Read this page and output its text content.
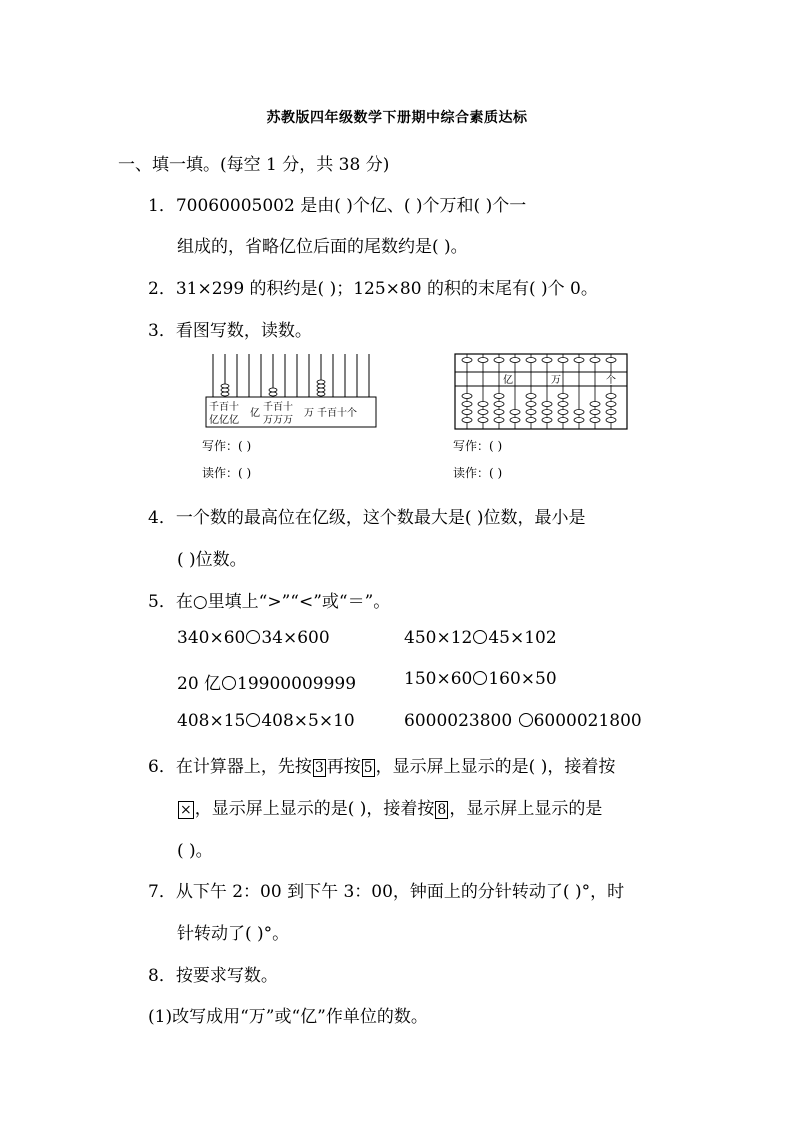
苏教版四年级数学下册期中综合素质达标
一、填一填。(每空 1 分，共 38 分)
1．70060005002 是由( )个亿、( )个万和( )个一
组成的，省略亿位后面的尾数约是( )。
2．31×299 的积约是( )；125×80 的积的末尾有( )个 0。
3．看图写数，读数。
千百十
亿亿亿
亿
千百十
万万万
万 千百十个
写作：( )
读作：( )
亿	万	个
写作：( )
读作：( )
4．一个数的最高位在亿级，这个数最大是( )位数，最小是
( )位数。
5．在○里填上“>”“<”或“＝”。
340×60 34×600	450×12 45×102
20 亿 19900009999	150×60 160×50
408×15 408×5×10	6000023800 6000021800
6．在计算器上，先按 3 再按 5 ，显示屏上显示的是( )，接着按
× ，显示屏上显示的是( )，接着按 8 ，显示屏上显示的是
( )。
7．从下午 2：00 到下午 3：00，钟面上的分针转动了( )°，时
针转动了( )°。
8．按要求写数。
(1)改写成用“万”或“亿”作单位的数。
